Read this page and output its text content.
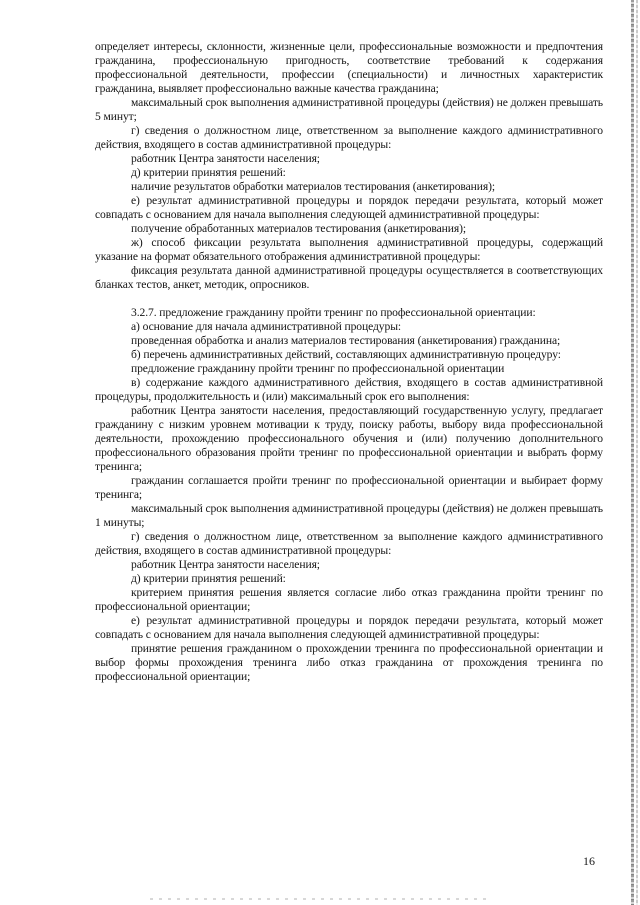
определяет интересы, склонности, жизненные цели, профессиональные возможности и предпочтения гражданина, профессиональную пригодность, соответствие требований к содержания профессиональной деятельности, профессии (специальности) и личностных характеристик гражданина, выявляет профессионально важные качества гражданина;

максимальный срок выполнения административной процедуры (действия) не должен превышать 5 минут;

г) сведения о должностном лице, ответственном за выполнение каждого административного действия, входящего в состав административной процедуры:

работник Центра занятости населения;

д) критерии принятия решений:

наличие результатов обработки материалов тестирования (анкетирования);

е) результат административной процедуры и порядок передачи результата, который может совпадать с основанием для начала выполнения следующей административной процедуры:

получение обработанных материалов тестирования (анкетирования);

ж) способ фиксации результата выполнения административной процедуры, содержащий указание на формат обязательного отображения административной процедуры:

фиксация результата данной административной процедуры осуществляется в соответствующих бланках тестов, анкет, методик, опросников.

3.2.7. предложение гражданину пройти тренинг по профессиональной ориентации:

а) основание для начала административной процедуры:

проведенная обработка и анализ материалов тестирования (анкетирования) гражданина;

б) перечень административных действий, составляющих административную процедуру:

предложение гражданину пройти тренинг по профессиональной ориентации

в) содержание каждого административного действия, входящего в состав административной процедуры, продолжительность и (или) максимальный срок его выполнения:

работник Центра занятости населения, предоставляющий государственную услугу, предлагает гражданину с низким уровнем мотивации к труду, поиску работы, выбору вида профессиональной деятельности, прохождению профессионального обучения и (или) получению дополнительного профессионального образования пройти тренинг по профессиональной ориентации и выбрать форму тренинга;

гражданин соглашается пройти тренинг по профессиональной ориентации и выбирает форму тренинга;

максимальный срок выполнения административной процедуры (действия) не должен превышать 1 минуты;

г) сведения о должностном лице, ответственном за выполнение каждого административного действия, входящего в состав административной процедуры:

работник Центра занятости населения;

д) критерии принятия решений:

критерием принятия решения является согласие либо отказ гражданина пройти тренинг по профессиональной ориентации;

е) результат административной процедуры и порядок передачи результата, который может совпадать с основанием для начала выполнения следующей административной процедуры:

принятие решения гражданином о прохождении тренинга по профессиональной ориентации и выбор формы прохождения тренинга либо отказ гражданина от прохождения тренинга по профессиональной ориентации;

16
